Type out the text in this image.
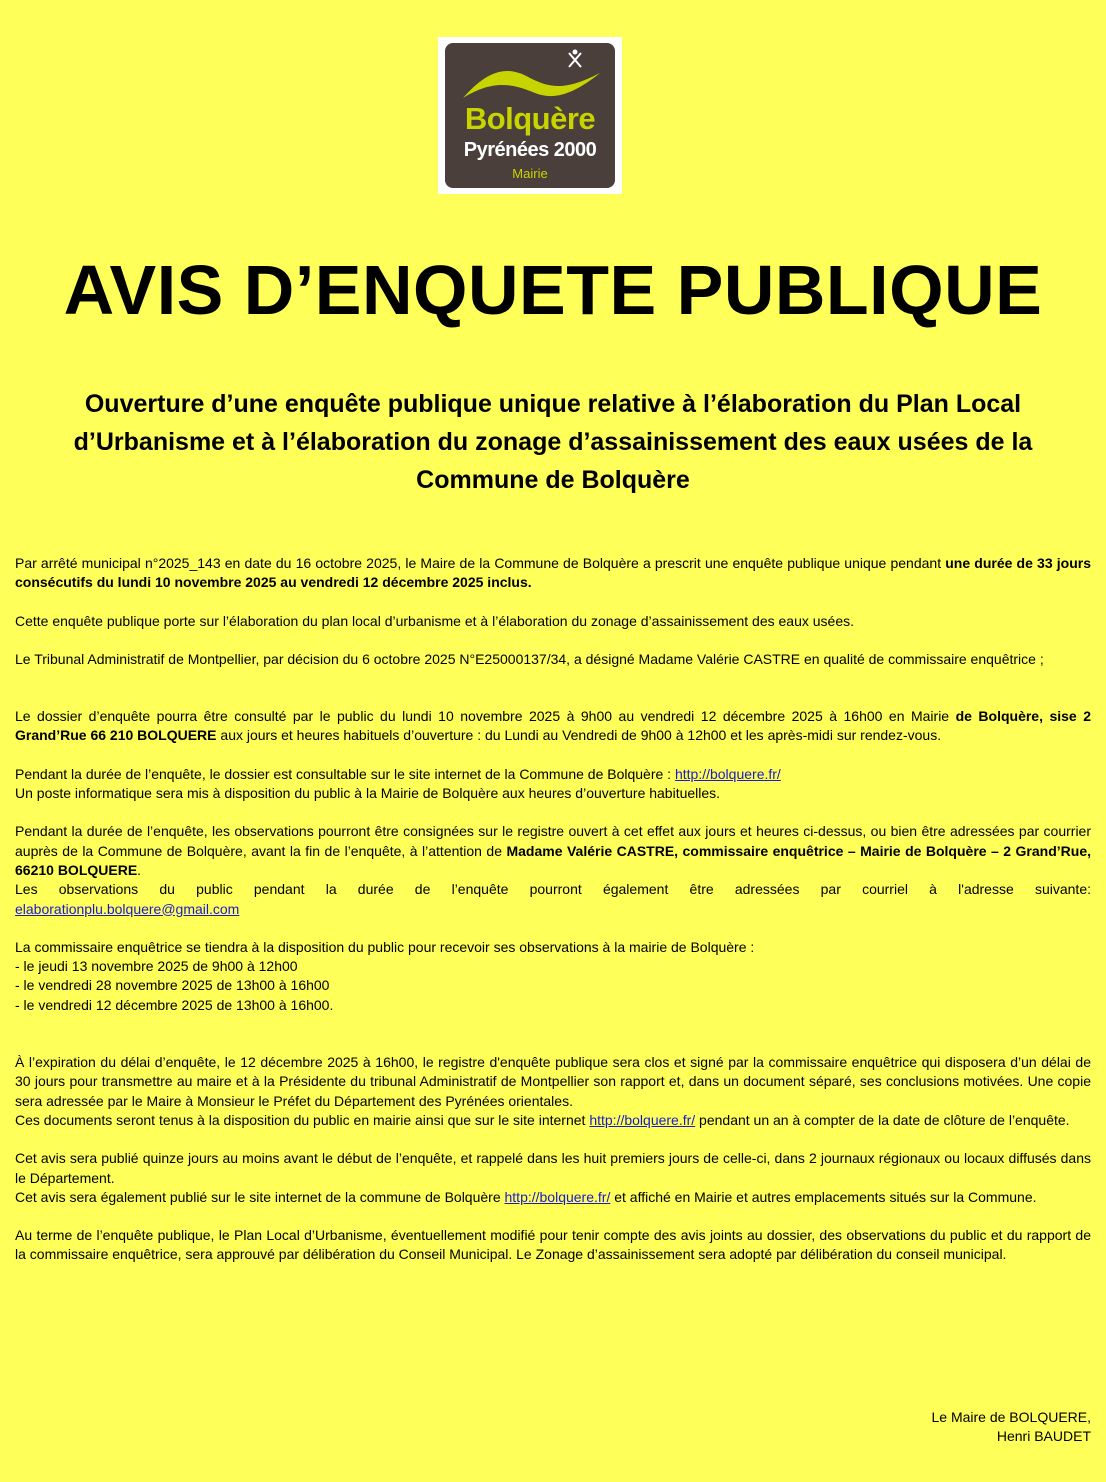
Bolquère
Pyrénées 2000
Mairie
AVIS D’ENQUETE PUBLIQUE
Ouverture d’une enquête publique unique relative à l’élaboration du Plan Local d’Urbanisme et à l’élaboration du zonage d’assainissement des eaux usées de la Commune de Bolquère

Par arrêté municipal n°2025_143 en date du 16 octobre 2025, le Maire de la Commune de Bolquère a prescrit une enquête publique unique pendant une durée de 33 jours consécutifs du lundi 10 novembre 2025 au vendredi 12 décembre 2025 inclus.

Cette enquête publique porte sur l’élaboration du plan local d’urbanisme et à l’élaboration du zonage d’assainissement des eaux usées.

Le Tribunal Administratif de Montpellier, par décision du 6 octobre 2025 N°E25000137/34, a désigné Madame Valérie CASTRE en qualité de commissaire enquêtrice ;

Le dossier d’enquête pourra être consulté par le public du lundi 10 novembre 2025 à 9h00 au vendredi 12 décembre 2025 à 16h00 en Mairie de Bolquère, sise 2 Grand’Rue 66 210 BOLQUERE aux jours et heures habituels d’ouverture : du Lundi au Vendredi de 9h00 à 12h00 et les après-midi sur rendez-vous.

Pendant la durée de l’enquête, le dossier est consultable sur le site internet de la Commune de Bolquère : http://bolquere.fr/

Un poste informatique sera mis à disposition du public à la Mairie de Bolquère aux heures d’ouverture habituelles.

Pendant la durée de l’enquête, les observations pourront être consignées sur le registre ouvert à cet effet aux jours et heures ci-dessus, ou bien être adressées par courrier auprès de la Commune de Bolquère, avant la fin de l’enquête, à l’attention de Madame Valérie CASTRE, commissaire enquêtrice – Mairie de Bolquère – 2 Grand’Rue, 66210 BOLQUERE.

Les observations du public pendant la durée de l’enquête pourront également être adressées par courriel à l'adresse suivante:

elaborationplu.bolquere@gmail.com

La commissaire enquêtrice se tiendra à la disposition du public pour recevoir ses observations à la mairie de Bolquère :

- le jeudi 13 novembre 2025 de 9h00 à 12h00

- le vendredi 28 novembre 2025 de 13h00 à 16h00

- le vendredi 12 décembre 2025 de 13h00 à 16h00.

À l’expiration du délai d’enquête, le 12 décembre 2025 à 16h00, le registre d'enquête publique sera clos et signé par la commissaire enquêtrice qui disposera d’un délai de 30 jours pour transmettre au maire et à la Présidente du tribunal Administratif de Montpellier son rapport et, dans un document séparé, ses conclusions motivées. Une copie sera adressée par le Maire à Monsieur le Préfet du Département des Pyrénées orientales.

Ces documents seront tenus à la disposition du public en mairie ainsi que sur le site internet http://bolquere.fr/ pendant un an à compter de la date de clôture de l’enquête.

Cet avis sera publié quinze jours au moins avant le début de l’enquête, et rappelé dans les huit premiers jours de celle-ci, dans 2 journaux régionaux ou locaux diffusés dans le Département.

Cet avis sera également publié sur le site internet de la commune de Bolquère http://bolquere.fr/ et affiché en Mairie et autres emplacements situés sur la Commune.

Au terme de l’enquête publique, le Plan Local d’Urbanisme, éventuellement modifié pour tenir compte des avis joints au dossier, des observations du public et du rapport de la commissaire enquêtrice, sera approuvé par délibération du Conseil Municipal. Le Zonage d’assainissement sera adopté par délibération du conseil municipal.

Le Maire de BOLQUERE,
Henri BAUDET
